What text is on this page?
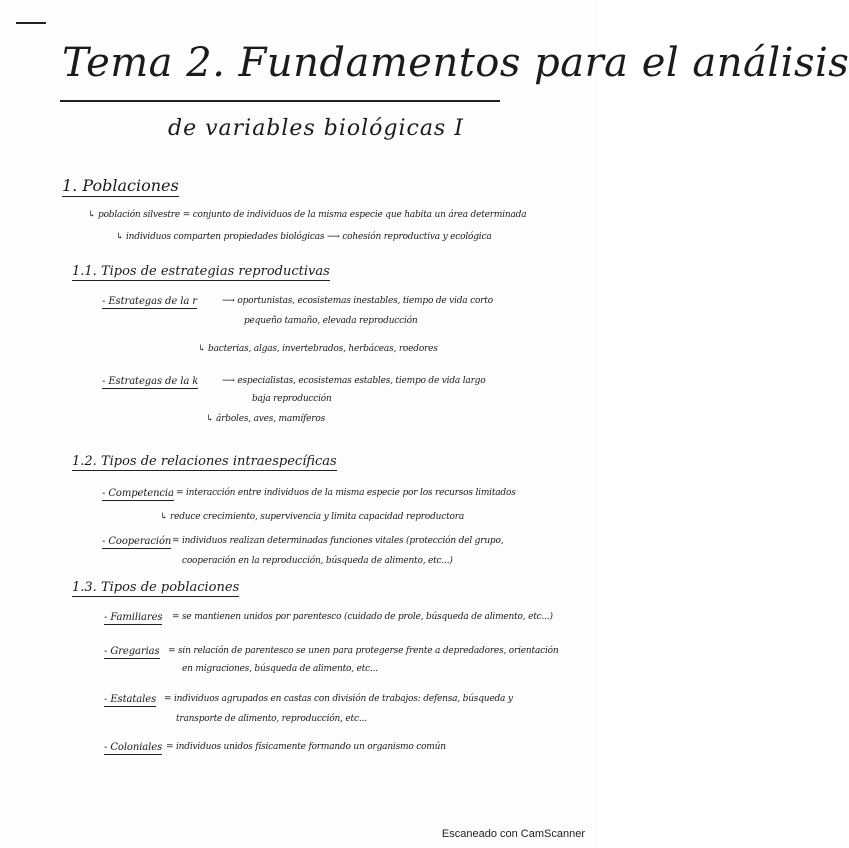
Tema 2. Fundamentos para el análisis
de variables biológicas I
1. Poblaciones
↳ población silvestre = conjunto de individuos de la misma especie que habita un área determinada
↳ individuos comparten propiedades biológicas ⟶ cohesión reproductiva y ecológica
1.1. Tipos de estrategias reproductivas
- Estrategas de la r	⟶ oportunistas, ecosistemas inestables, tiempo de vida corto
pequeño tamaño, elevada reproducción
↳ bacterias, algas, invertebrados, herbáceas, roedores
- Estrategas de la k	⟶ especialistas, ecosistemas estables, tiempo de vida largo
baja reproducción
↳ árboles, aves, mamíferos
1.2. Tipos de relaciones intraespecíficas
- Competencia = interacción entre individuos de la misma especie por los recursos limitados
↳ reduce crecimiento, supervivencia y limita capacidad reproductora
- Cooperación = individuos realizan determinadas funciones vitales (protección del grupo,
cooperación en la reproducción, búsqueda de alimento, etc...)
1.3. Tipos de poblaciones
- Familiares = se mantienen unidos por parentesco (cuidado de prole, búsqueda de alimento, etc...)
- Gregarias = sin relación de parentesco se unen para protegerse frente a depredadores, orientación
en migraciones, búsqueda de alimento, etc...
- Estatales = individuos agrupados en castas con división de trabajos: defensa, búsqueda y
transporte de alimento, reproducción, etc...
- Coloniales = individuos unidos físicamente formando un organismo común
Escaneado con CamScanner
